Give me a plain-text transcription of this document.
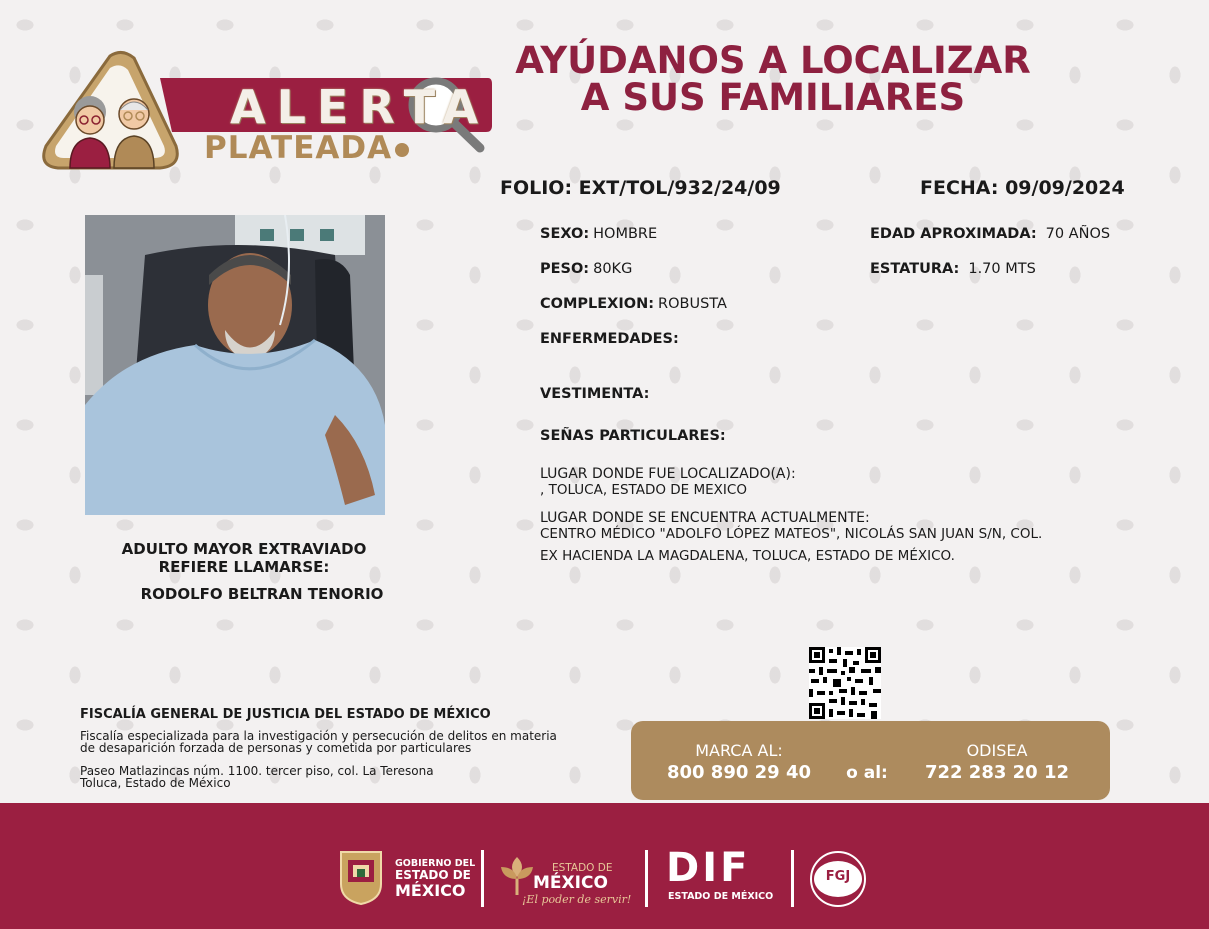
ALERTA
PLATEADA
AYÚDANOS A LOCALIZAR
A SUS FAMILIARES
FOLIO: EXT/TOL/932/24/09	FECHA: 09/09/2024
SEXO: HOMBRE	EDAD APROXIMADA: 70 AÑOS
PESO: 80KG	ESTATURA: 1.70 MTS
COMPLEXION: ROBUSTA
ENFERMEDADES:
VESTIMENTA:
SEÑAS PARTICULARES:
LUGAR DONDE FUE LOCALIZADO(A):
, TOLUCA, ESTADO DE MEXICO
LUGAR DONDE SE ENCUENTRA ACTUALMENTE:
CENTRO MÉDICO "ADOLFO LÓPEZ MATEOS", NICOLÁS SAN JUAN S/N, COL.
EX HACIENDA LA MAGDALENA, TOLUCA, ESTADO DE MÉXICO.
ADULTO MAYOR EXTRAVIADO
REFIERE LLAMARSE:
RODOLFO BELTRAN TENORIO
FISCALÍA GENERAL DE JUSTICIA DEL ESTADO DE MÉXICO
Fiscalía especializada para la investigación y persecución de delitos en materia
de desaparición forzada de personas y cometida por particulares
Paseo Matlazincas núm. 1100. tercer piso, col. La Teresona
Toluca, Estado de México
MARCA AL:
800 890 29 40	o al:
ODISEA
722 283 20 12
GOBIERNO DEL
ESTADO DE
MÉXICO
ESTADO DE
MÉXICO
¡El poder de servir!
DIF
ESTADO DE MÉXICO
FGJ
